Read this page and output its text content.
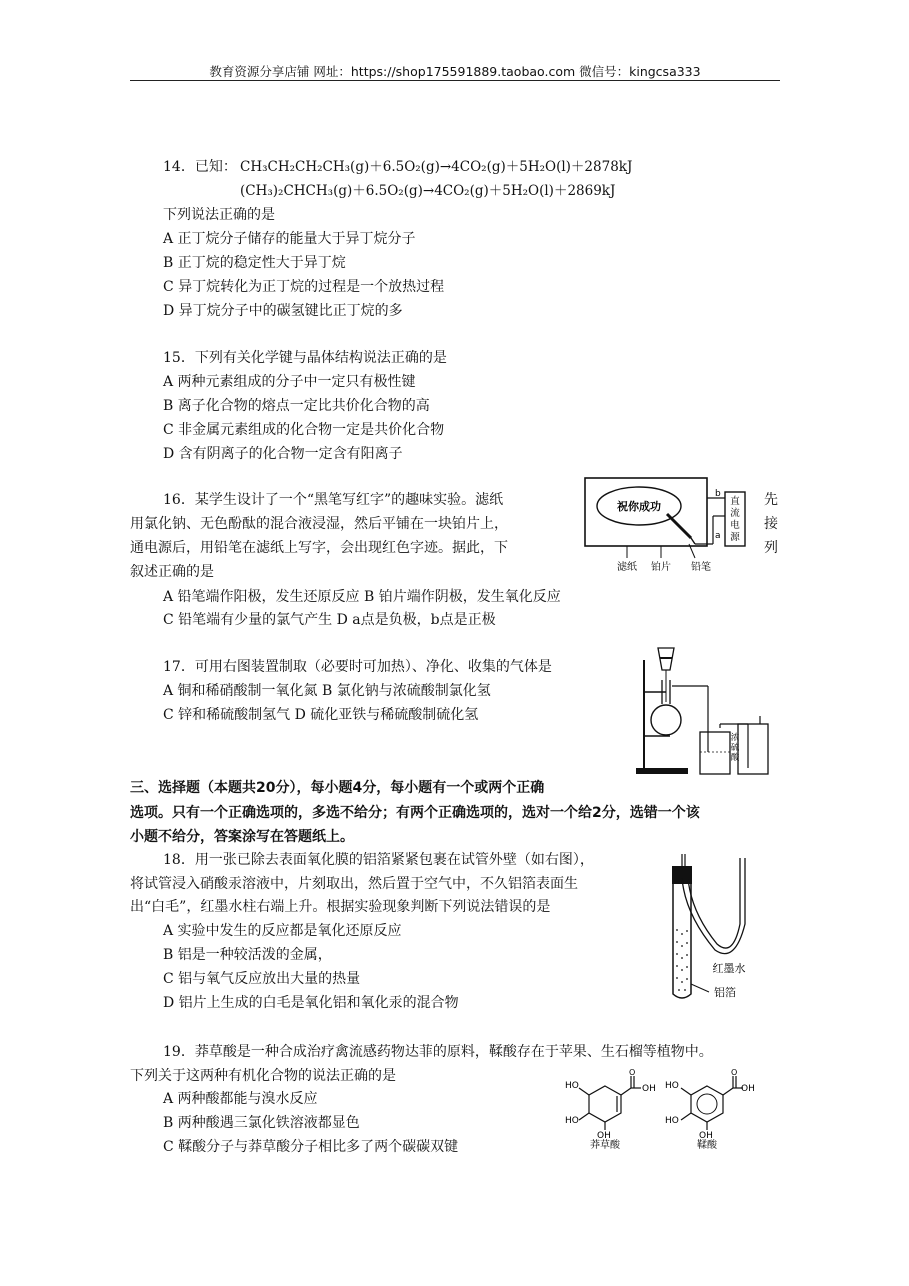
教育资源分享店铺 网址：https://shop175591889.taobao.com 微信号：kingcsa333
14．已知： CH₃CH₂CH₂CH₃(g)＋6.5O₂(g)→4CO₂(g)＋5H₂O(l)＋2878kJ
(CH₃)₂CHCH₃(g)＋6.5O₂(g)→4CO₂(g)＋5H₂O(l)＋2869kJ
下列说法正确的是
A 正丁烷分子储存的能量大于异丁烷分子
B 正丁烷的稳定性大于异丁烷
C 异丁烷转化为正丁烷的过程是一个放热过程
D 异丁烷分子中的碳氢键比正丁烷的多
15．下列有关化学键与晶体结构说法正确的是
A 两种元素组成的分子中一定只有极性键
B 离子化合物的熔点一定比共价化合物的高
C 非金属元素组成的化合物一定是共价化合物
D 含有阴离子的化合物一定含有阳离子
16．某学生设计了一个“黑笔写红字”的趣味实验。滤纸	先
用氯化钠、无色酚酞的混合液浸湿，然后平铺在一块铂片上，	接
通电源后，用铅笔在滤纸上写字，会出现红色字迹。据此，下	列
叙述正确的是
A 铅笔端作阳极，发生还原反应 B 铂片端作阴极，发生氧化反应
C 铅笔端有少量的氯气产生 D a点是负极，b点是正极
祝你成功	直流电源
b
a
滤纸 铂片 铅笔
17．可用右图装置制取（必要时可加热）、净化、收集的气体是
A 铜和稀硝酸制一氧化氮 B 氯化钠与浓硫酸制氯化氢
C 锌和稀硫酸制氢气 D 硫化亚铁与稀硫酸制硫化氢
浓硫酸
三、选择题（本题共20分），每小题4分，每小题有一个或两个正确
选项。只有一个正确选项的，多选不给分；有两个正确选项的，选对一个给2分，选错一个该
小题不给分，答案涂写在答题纸上。
18．用一张已除去表面氧化膜的铝箔紧紧包裹在试管外壁（如右图），
将试管浸入硝酸汞溶液中，片刻取出，然后置于空气中，不久铝箔表面生
出“白毛”，红墨水柱右端上升。根据实验现象判断下列说法错误的是
A 实验中发生的反应都是氧化还原反应
B 铝是一种较活泼的金属，
C 铝与氧气反应放出大量的热量
D 铝片上生成的白毛是氧化铝和氧化汞的混合物
红墨水
铝箔
19．莽草酸是一种合成治疗禽流感药物达菲的原料，鞣酸存在于苹果、生石榴等植物中。
下列关于这两种有机化合物的说法正确的是
A 两种酸都能与溴水反应
B 两种酸遇三氯化铁溶液都显色
C 鞣酸分子与莽草酸分子相比多了两个碳碳双键
O
OH
HO
HO
OH
莽草酸
O
OH
HO
HO
OH
鞣酸
